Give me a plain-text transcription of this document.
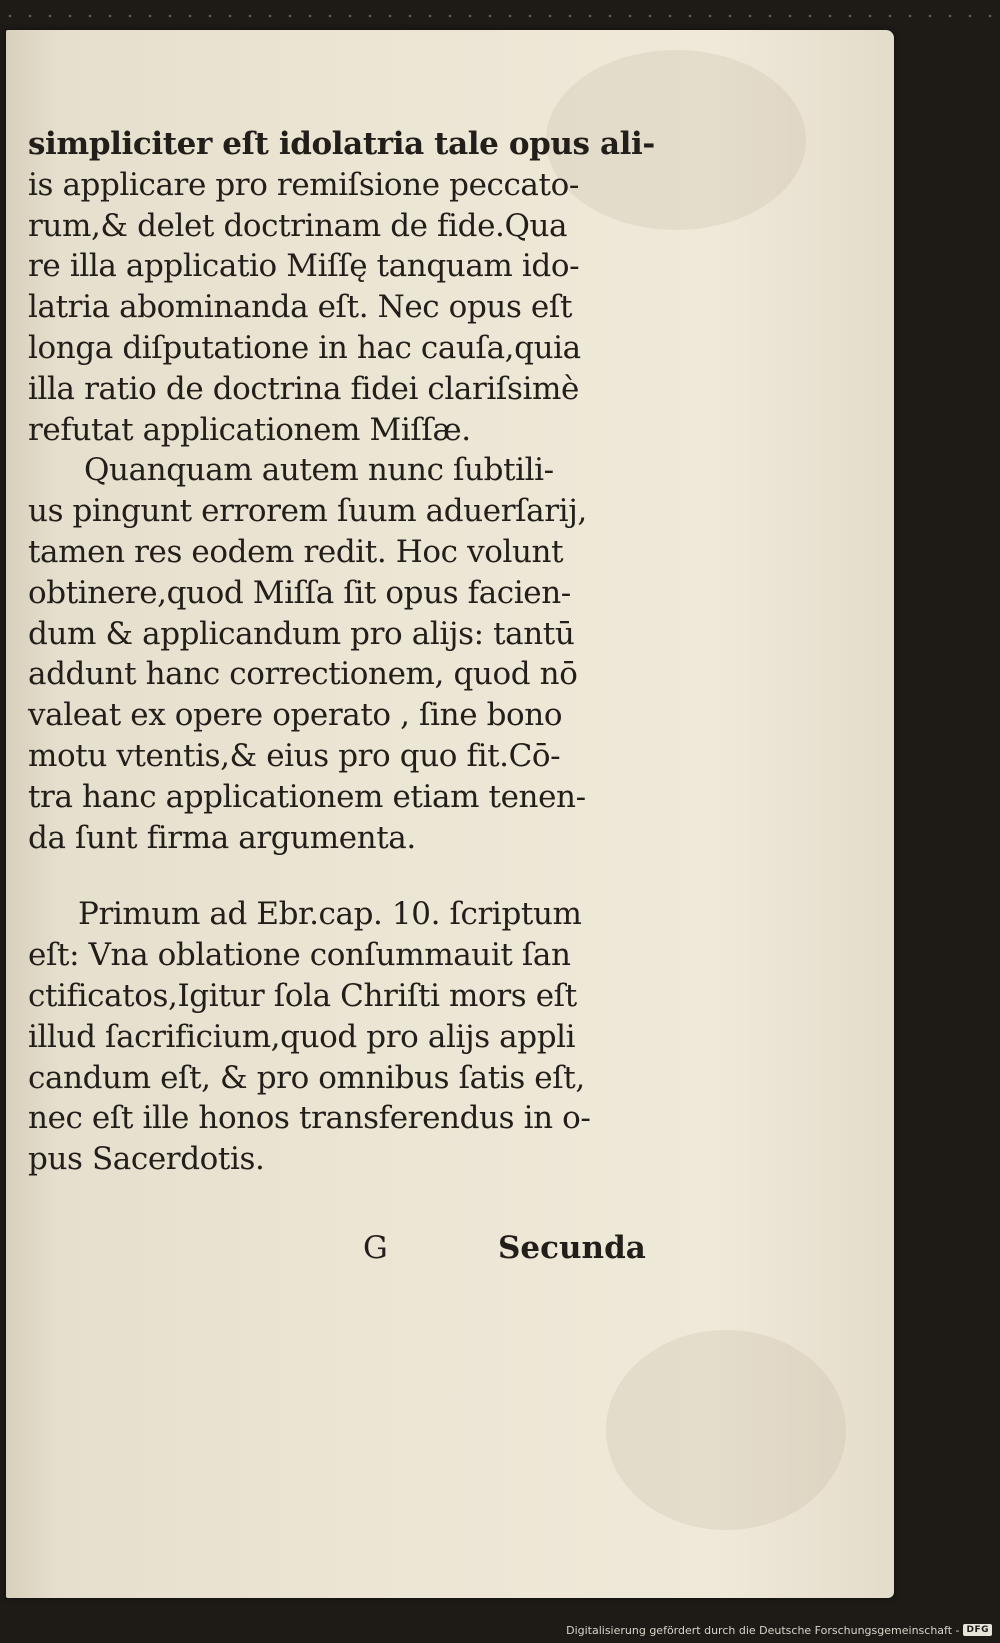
simpliciter eſt idolatria tale opus ali-
is applicare pro remiſsione peccato-
rum,& delet doctrinam de fide.Qua
re illa applicatio Miſſę tanquam ido-
latria abominanda eſt. Nec opus eſt
longa diſputatione in hac cauſa,quia
illa ratio de doctrina fidei clariſsimè
refutat applicationem Miſſæ.
Quanquam autem nunc ſubtili-
us pingunt errorem ſuum aduerſarij,
tamen res eodem redit. Hoc volunt
obtinere,quod Miſſa ſit opus facien-
dum & applicandum pro alijs: tantū
addunt hanc correctionem, quod nō
valeat ex opere operato , ſine bono
motu vtentis,& eius pro quo fit.Cō-
tra hanc applicationem etiam tenen-
da ſunt firma argumenta.
Primum ad Ebr.cap. 10. ſcriptum
eſt: Vna oblatione conſummauit ſan
ctificatos,Igitur ſola Chriſti mors eſt
illud ſacrificium,quod pro alijs appli
candum eſt, & pro omnibus ſatis eſt,
nec eſt ille honos transferendus in o-
pus Sacerdotis.
G	Secunda
Digitalisierung gefördert durch die Deutsche Forschungsgemeinschaft - DFG
